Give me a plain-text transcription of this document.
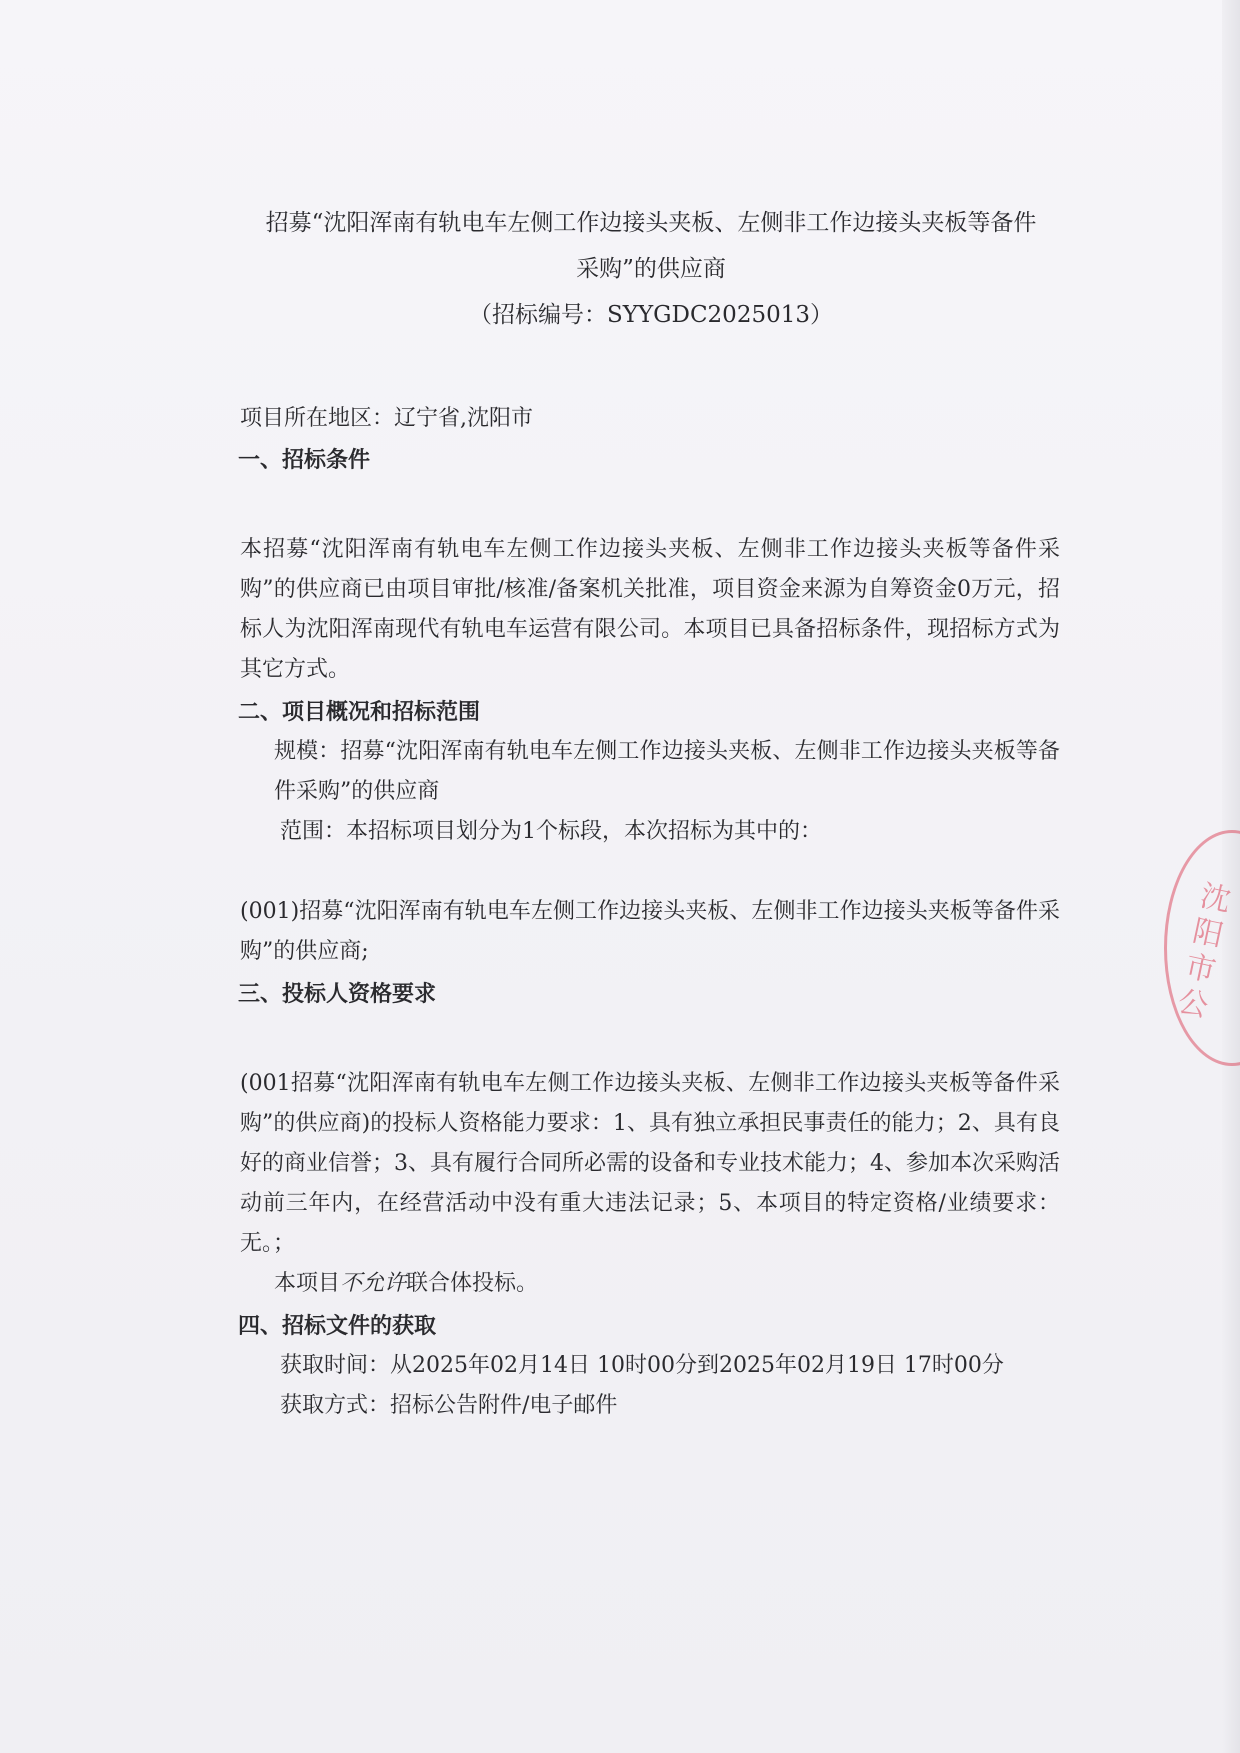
招募“沈阳浑南有轨电车左侧工作边接头夹板、左侧非工作边接头夹板等备件
采购”的供应商
（招标编号：SYYGDC2025013）

项目所在地区：辽宁省,沈阳市

一、招标条件

本招募“沈阳浑南有轨电车左侧工作边接头夹板、左侧非工作边接头夹板等备件采购”的供应商已由项目审批/核准/备案机关批准，项目资金来源为自筹资金0万元，招标人为沈阳浑南现代有轨电车运营有限公司。本项目已具备招标条件，现招标方式为其它方式。

二、项目概况和招标范围

规模：招募“沈阳浑南有轨电车左侧工作边接头夹板、左侧非工作边接头夹板等备件采购”的供应商

范围：本招标项目划分为1个标段，本次招标为其中的：

(001)招募“沈阳浑南有轨电车左侧工作边接头夹板、左侧非工作边接头夹板等备件采购”的供应商;

三、投标人资格要求

(001招募“沈阳浑南有轨电车左侧工作边接头夹板、左侧非工作边接头夹板等备件采购”的供应商)的投标人资格能力要求：1、具有独立承担民事责任的能力；2、具有良好的商业信誉；3、具有履行合同所必需的设备和专业技术能力；4、参加本次采购活动前三年内，在经营活动中没有重大违法记录；5、本项目的特定资格/业绩要求：无。；

本项目不允许联合体投标。

四、招标文件的获取

获取时间：从2025年02月14日 10时00分到2025年02月19日 17时00分

获取方式：招标公告附件/电子邮件

沈阳市公
